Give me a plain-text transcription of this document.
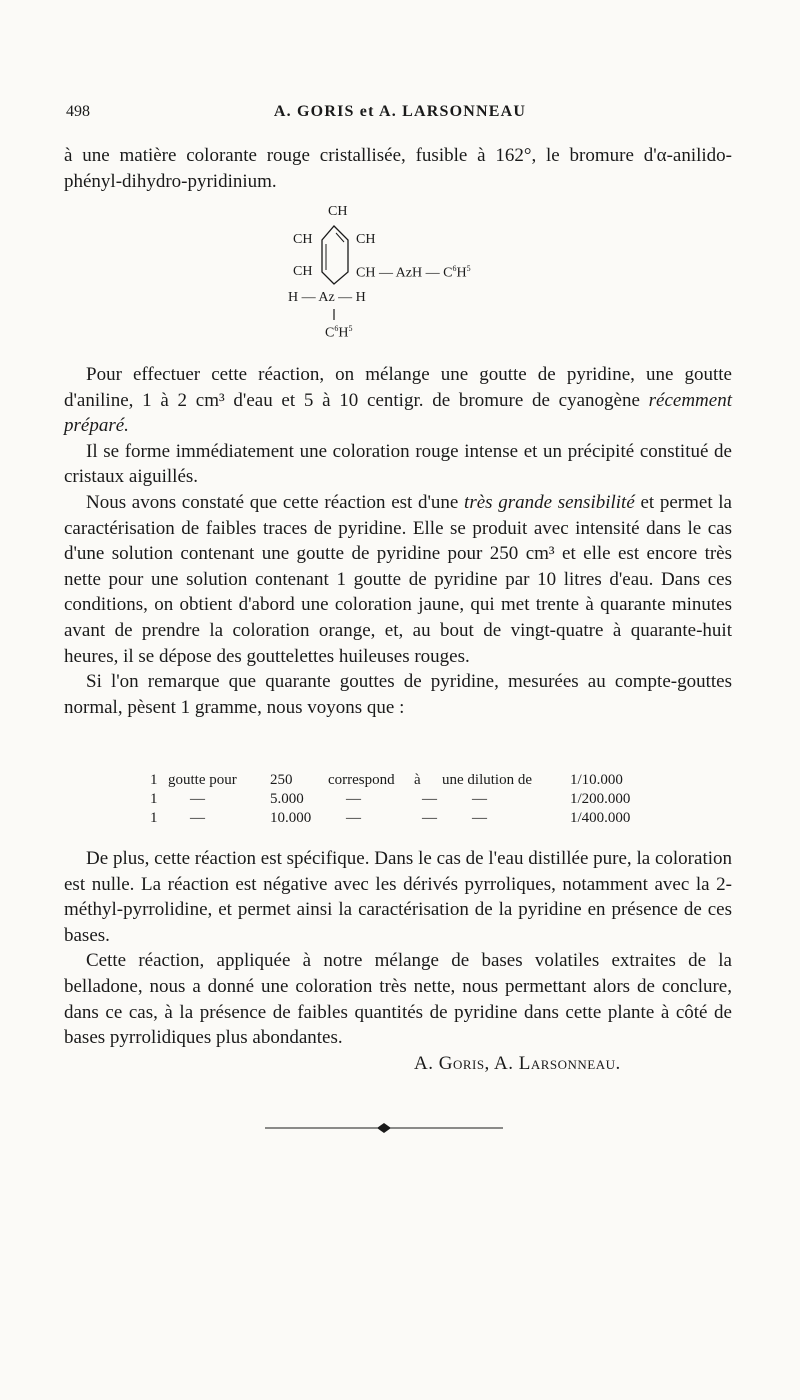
498	A. GORIS et A. LARSONNEAU

à une matière colorante rouge cristallisée, fusible à 162°, le bromure d'α-anilido-phényl-dihydro-pyridinium.

CH
CH	CH
CH	CH — AzH — $C^6H^5$
H — Az — H
$C^6H^5$

Pour effectuer cette réaction, on mélange une goutte de pyridine, une goutte d'aniline, 1 à 2 cm³ d'eau et 5 à 10 centigr. de bromure de cyanogène récemment préparé.

Il se forme immédiatement une coloration rouge intense et un précipité constitué de cristaux aiguillés.

Nous avons constaté que cette réaction est d'une très grande sensibilité et permet la caractérisation de faibles traces de pyridine. Elle se produit avec intensité dans le cas d'une solution contenant une goutte de pyridine pour 250 cm³ et elle est encore très nette pour une solution contenant 1 goutte de pyridine par 10 litres d'eau. Dans ces conditions, on obtient d'abord une coloration jaune, qui met trente à quarante minutes avant de prendre la coloration orange, et, au bout de vingt-quatre à quarante-huit heures, il se dépose des gouttelettes huileuses rouges.

Si l'on remarque que quarante gouttes de pyridine, mesurées au compte-gouttes normal, pèsent 1 gramme, nous voyons que :

1	goutte pour	250	correspond	à	une dilution de	1/10.000
1	—	5.000	—	—	—	1/200.000
1	—	10.000	—	—	—	1/400.000

De plus, cette réaction est spécifique. Dans le cas de l'eau distillée pure, la coloration est nulle. La réaction est négative avec les dérivés pyrroliques, notamment avec la 2-méthyl-pyrrolidine, et permet ainsi la caractérisation de la pyridine en présence de ces bases.

Cette réaction, appliquée à notre mélange de bases volatiles extraites de la belladone, nous a donné une coloration très nette, nous permettant alors de conclure, dans ce cas, à la présence de faibles quantités de pyridine dans cette plante à côté de bases pyrrolidiques plus abondantes.

A. Goris, A. Larsonneau.
